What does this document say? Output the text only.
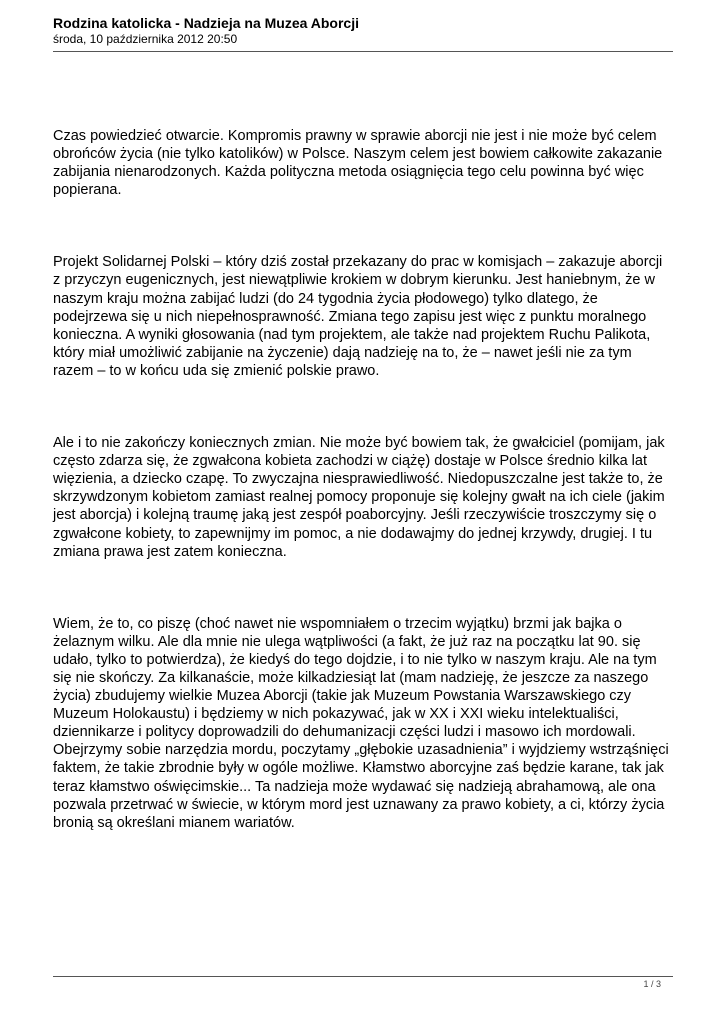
Rodzina katolicka - Nadzieja na Muzea Aborcji

środa, 10 października 2012 20:50

Czas powiedzieć otwarcie. Kompromis prawny w sprawie aborcji nie jest i nie może być celem obrońców życia (nie tylko katolików) w Polsce. Naszym celem jest bowiem całkowite zakazanie zabijania nienarodzonych. Każda polityczna metoda osiągnięcia tego celu powinna być więc popierana.

Projekt Solidarnej Polski – który dziś został przekazany do prac w komisjach – zakazuje aborcji z przyczyn eugenicznych, jest niewątpliwie krokiem w dobrym kierunku. Jest haniebnym, że w naszym kraju można zabijać ludzi (do 24 tygodnia życia płodowego) tylko dlatego, że podejrzewa się u nich niepełnosprawność. Zmiana tego zapisu jest więc z punktu moralnego konieczna. A wyniki głosowania (nad tym projektem, ale także nad projektem Ruchu Palikota, który miał umożliwić zabijanie na życzenie) dają nadzieję na to, że – nawet jeśli nie za tym razem – to w końcu uda się zmienić polskie prawo.

Ale i to nie zakończy koniecznych zmian. Nie może być bowiem tak, że gwałciciel (pomijam, jak często zdarza się, że zgwałcona kobieta zachodzi w ciążę) dostaje w Polsce średnio kilka lat więzienia, a dziecko czapę. To zwyczajna niesprawiedliwość. Niedopuszczalne jest także to, że skrzywdzonym kobietom zamiast realnej pomocy proponuje się kolejny gwałt na ich ciele (jakim jest aborcja) i kolejną traumę jaką jest zespół poaborcyjny. Jeśli rzeczywiście troszczymy się o zgwałcone kobiety, to zapewnijmy im pomoc, a nie dodawajmy do jednej krzywdy, drugiej. I tu zmiana prawa jest zatem konieczna.

Wiem, że to, co piszę (choć nawet nie wspomniałem o trzecim wyjątku) brzmi jak bajka o żelaznym wilku. Ale dla mnie nie ulega wątpliwości (a fakt, że już raz na początku lat 90. się udało, tylko to potwierdza), że kiedyś do tego dojdzie, i to nie tylko w naszym kraju. Ale na tym się nie skończy. Za kilkanaście, może kilkadziesiąt lat (mam nadzieję, że jeszcze za naszego życia) zbudujemy wielkie Muzea Aborcji (takie jak Muzeum Powstania Warszawskiego czy Muzeum Holokaustu) i będziemy w nich pokazywać, jak w XX i XXI wieku intelektualiści, dziennikarze i politycy doprowadzili do dehumanizacji części ludzi i masowo ich mordowali. Obejrzymy sobie narzędzia mordu, poczytamy „głębokie uzasadnienia” i wyjdziemy wstrząśnięci faktem, że takie zbrodnie były w ogóle możliwe. Kłamstwo aborcyjne zaś będzie karane, tak jak teraz kłamstwo oświęcimskie... Ta nadzieja może wydawać się nadzieją abrahamową, ale ona pozwala przetrwać w świecie, w którym mord jest uznawany za prawo kobiety, a ci, którzy życia bronią są określani mianem wariatów.

1 / 3
